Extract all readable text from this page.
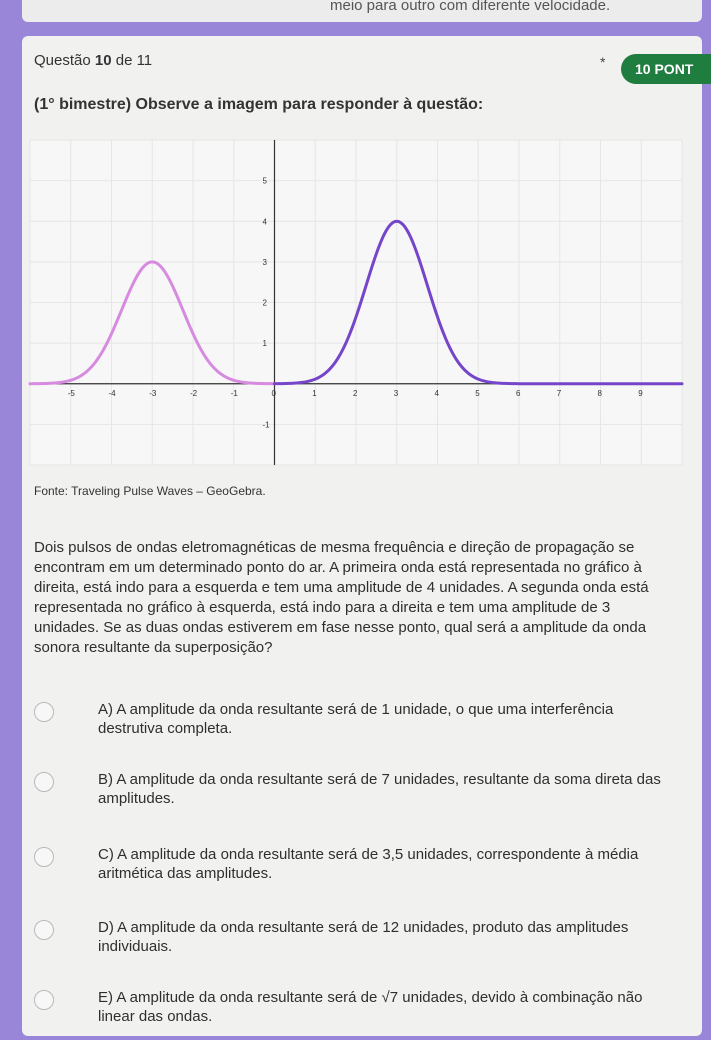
meio para outro com diferente velocidade.
Questão 10 de 11	*	10 PONT
(1° bimestre) Observe a imagem para responder à questão:
-5	-4	-3	-2	-1	0	1	2	3	4	5	6	7	8	9
5
4
3
2
1
-1
Fonte: Traveling Pulse Waves – GeoGebra.
Dois pulsos de ondas eletromagnéticas de mesma frequência e direção de propagação se encontram em um determinado ponto do ar. A primeira onda está representada no gráfico à direita, está indo para a esquerda e tem uma amplitude de 4 unidades. A segunda onda está representada no gráfico à esquerda, está indo para a direita e tem uma amplitude de 3 unidades. Se as duas ondas estiverem em fase nesse ponto, qual será a amplitude da onda sonora resultante da superposição?
A) A amplitude da onda resultante será de 1 unidade, o que uma interferência destrutiva completa.
B) A amplitude da onda resultante será de 7 unidades, resultante da soma direta das amplitudes.
C) A amplitude da onda resultante será de 3,5 unidades, correspondente à média aritmética das amplitudes.
D) A amplitude da onda resultante será de 12 unidades, produto das amplitudes individuais.
E) A amplitude da onda resultante será de √7 unidades, devido à combinação não linear das ondas.
